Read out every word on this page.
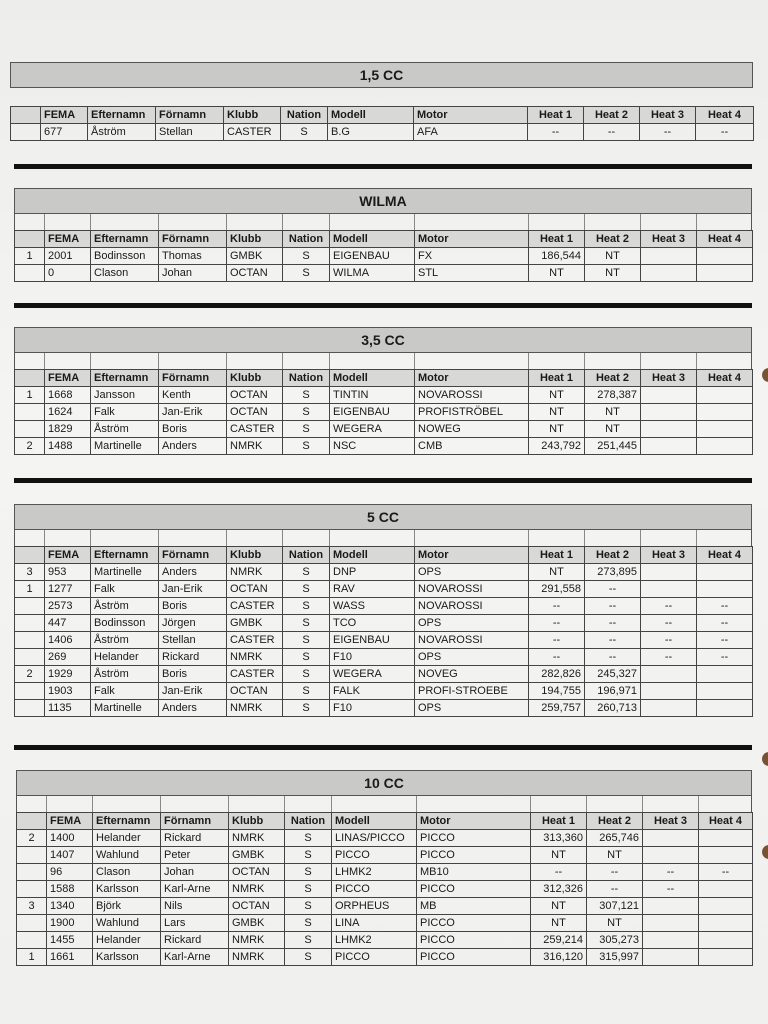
1,5 CC
	FEMA	Efternamn	Förnamn	Klubb	Nation	Modell	Motor	Heat 1	Heat 2	Heat 3	Heat 4
	677	Åström	Stellan	CASTER	S	B.G	AFA	--	--	--	--
WILMA
	FEMA	Efternamn	Förnamn	Klubb	Nation	Modell	Motor	Heat 1	Heat 2	Heat 3	Heat 4
1	2001	Bodinsson	Thomas	GMBK	S	EIGENBAU	FX	186,544	NT		
	0	Clason	Johan	OCTAN	S	WILMA	STL	NT	NT		
3,5 CC
	FEMA	Efternamn	Förnamn	Klubb	Nation	Modell	Motor	Heat 1	Heat 2	Heat 3	Heat 4
1	1668	Jansson	Kenth	OCTAN	S	TINTIN	NOVAROSSI	NT	278,387		
	1624	Falk	Jan-Erik	OCTAN	S	EIGENBAU	PROFISTRÖBEL	NT	NT		
	1829	Åström	Boris	CASTER	S	WEGERA	NOWEG	NT	NT		
2	1488	Martinelle	Anders	NMRK	S	NSC	CMB	243,792	251,445		
5 CC
	FEMA	Efternamn	Förnamn	Klubb	Nation	Modell	Motor	Heat 1	Heat 2	Heat 3	Heat 4
3	953	Martinelle	Anders	NMRK	S	DNP	OPS	NT	273,895		
1	1277	Falk	Jan-Erik	OCTAN	S	RAV	NOVAROSSI	291,558	--		
	2573	Åström	Boris	CASTER	S	WASS	NOVAROSSI	--	--	--	--
	447	Bodinsson	Jörgen	GMBK	S	TCO	OPS	--	--	--	--
	1406	Åström	Stellan	CASTER	S	EIGENBAU	NOVAROSSI	--	--	--	--
	269	Helander	Rickard	NMRK	S	F10	OPS	--	--	--	--
2	1929	Åström	Boris	CASTER	S	WEGERA	NOVEG	282,826	245,327		
	1903	Falk	Jan-Erik	OCTAN	S	FALK	PROFI-STROEBE	194,755	196,971		
	1135	Martinelle	Anders	NMRK	S	F10	OPS	259,757	260,713		
10 CC
	FEMA	Efternamn	Förnamn	Klubb	Nation	Modell	Motor	Heat 1	Heat 2	Heat 3	Heat 4
2	1400	Helander	Rickard	NMRK	S	LINAS/PICCO	PICCO	313,360	265,746		
	1407	Wahlund	Peter	GMBK	S	PICCO	PICCO	NT	NT		
	96	Clason	Johan	OCTAN	S	LHMK2	MB10	--	--	--	--
	1588	Karlsson	Karl-Arne	NMRK	S	PICCO	PICCO	312,326	--	--	
3	1340	Björk	Nils	OCTAN	S	ORPHEUS	MB	NT	307,121		
	1900	Wahlund	Lars	GMBK	S	LINA	PICCO	NT	NT		
	1455	Helander	Rickard	NMRK	S	LHMK2	PICCO	259,214	305,273		
1	1661	Karlsson	Karl-Arne	NMRK	S	PICCO	PICCO	316,120	315,997		
